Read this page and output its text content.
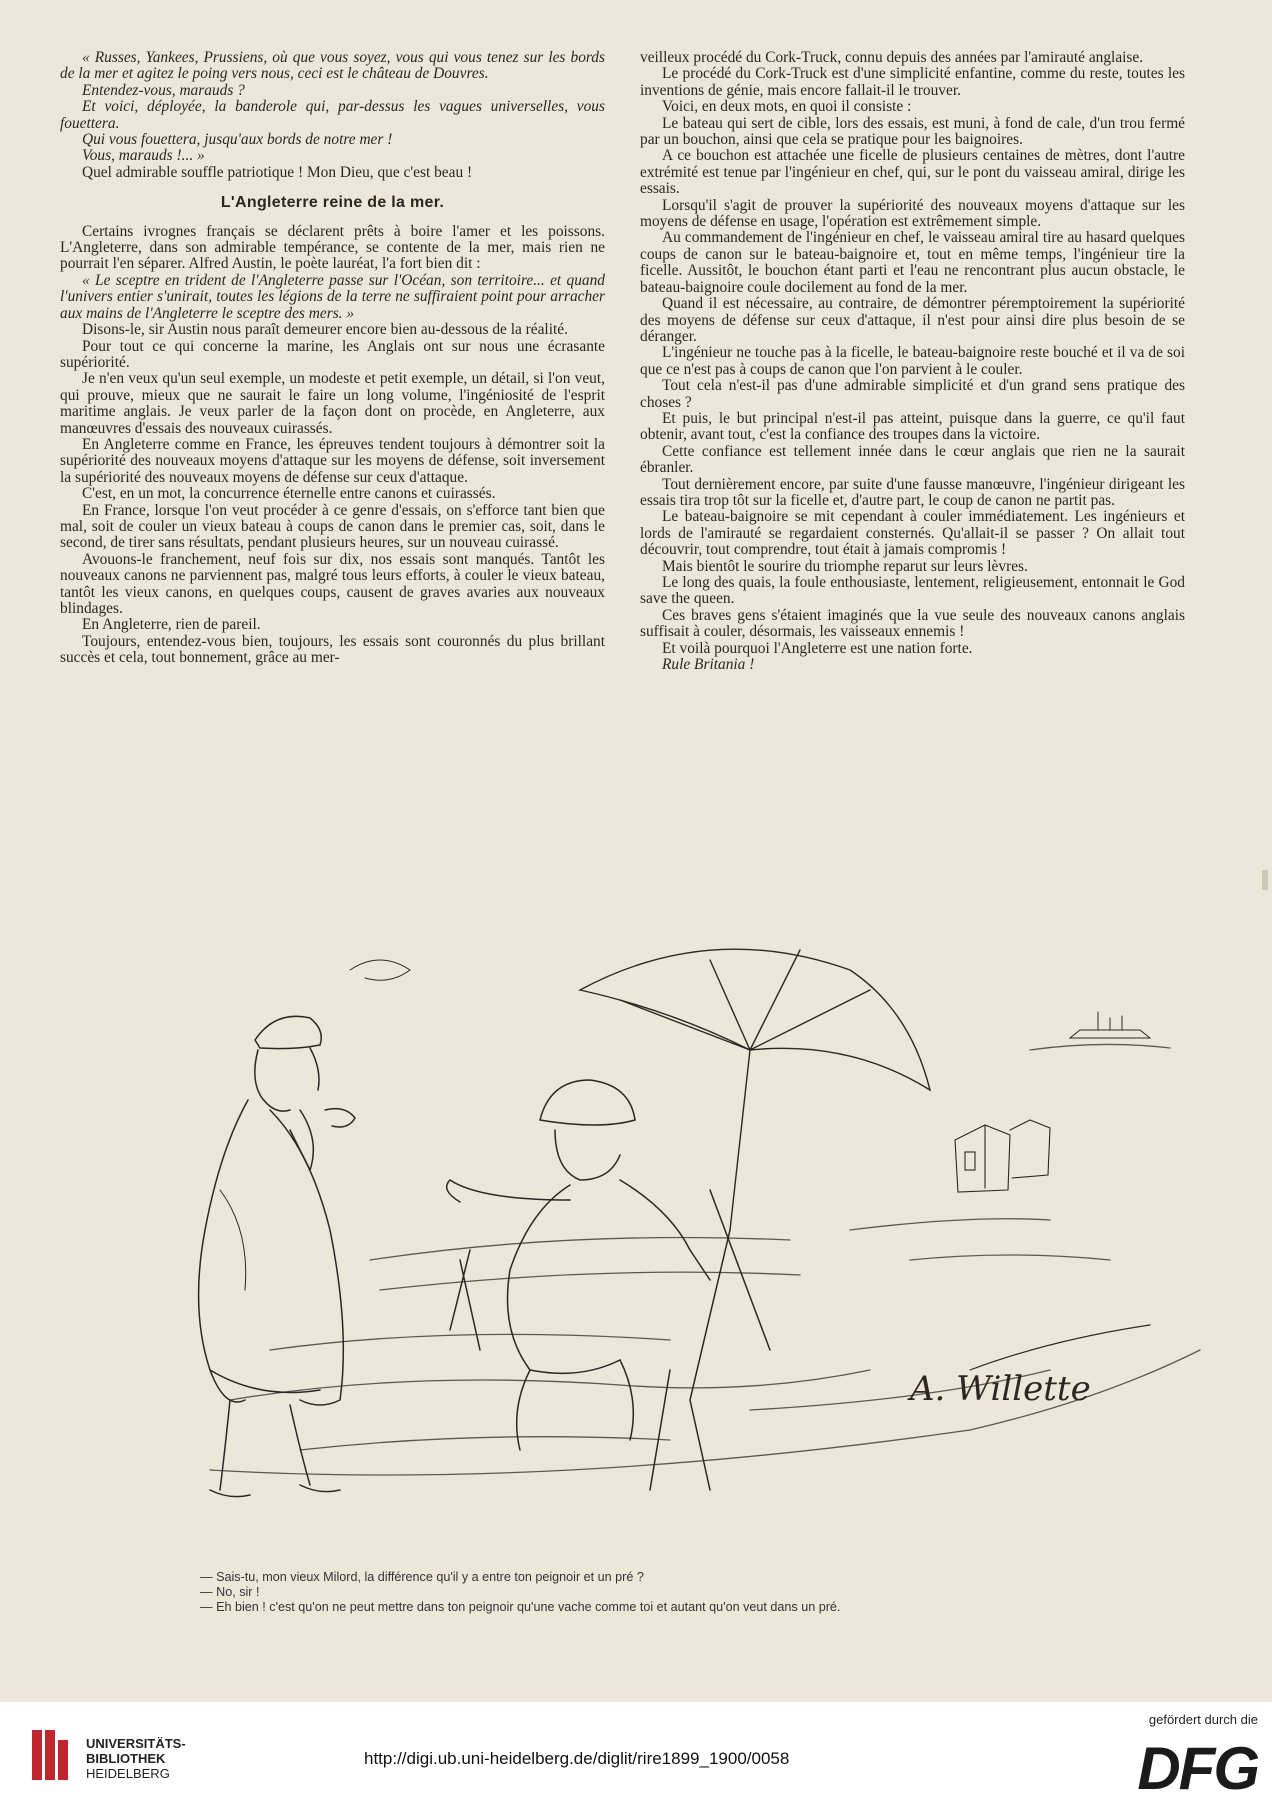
« Russes, Yankees, Prussiens, où que vous soyez, vous qui vous tenez sur les bords de la mer et agitez le poing vers nous, ceci est le château de Douvres.

Entendez-vous, marauds ?

Et voici, déployée, la banderole qui, par-dessus les vagues universelles, vous fouettera.

Qui vous fouettera, jusqu'aux bords de notre mer !

Vous, marauds !... »

Quel admirable souffle patriotique ! Mon Dieu, que c'est beau !

L'Angleterre reine de la mer.

Certains ivrognes français se déclarent prêts à boire l'amer et les poissons. L'Angleterre, dans son admirable tempérance, se contente de la mer, mais rien ne pourrait l'en séparer. Alfred Austin, le poète lauréat, l'a fort bien dit :

« Le sceptre en trident de l'Angleterre passe sur l'Océan, son territoire... et quand l'univers entier s'unirait, toutes les légions de la terre ne suffiraient point pour arracher aux mains de l'Angleterre le sceptre des mers. »

Disons-le, sir Austin nous paraît demeurer encore bien au-dessous de la réalité.

Pour tout ce qui concerne la marine, les Anglais ont sur nous une écrasante supériorité.

Je n'en veux qu'un seul exemple, un modeste et petit exemple, un détail, si l'on veut, qui prouve, mieux que ne saurait le faire un long volume, l'ingéniosité de l'esprit maritime anglais. Je veux parler de la façon dont on procède, en Angleterre, aux manœuvres d'essais des nouveaux cuirassés.

En Angleterre comme en France, les épreuves tendent toujours à démontrer soit la supériorité des nouveaux moyens d'attaque sur les moyens de défense, soit inversement la supériorité des nouveaux moyens de défense sur ceux d'attaque.

C'est, en un mot, la concurrence éternelle entre canons et cuirassés.

En France, lorsque l'on veut procéder à ce genre d'essais, on s'efforce tant bien que mal, soit de couler un vieux bateau à coups de canon dans le premier cas, soit, dans le second, de tirer sans résultats, pendant plusieurs heures, sur un nouveau cuirassé.

Avouons-le franchement, neuf fois sur dix, nos essais sont manqués. Tantôt les nouveaux canons ne parviennent pas, malgré tous leurs efforts, à couler le vieux bateau, tantôt les vieux canons, en quelques coups, causent de graves avaries aux nouveaux blindages.

En Angleterre, rien de pareil.

Toujours, entendez-vous bien, toujours, les essais sont couronnés du plus brillant succès et cela, tout bonnement, grâce au mer-

veilleux procédé du Cork-Truck, connu depuis des années par l'amirauté anglaise.

Le procédé du Cork-Truck est d'une simplicité enfantine, comme du reste, toutes les inventions de génie, mais encore fallait-il le trouver.

Voici, en deux mots, en quoi il consiste :

Le bateau qui sert de cible, lors des essais, est muni, à fond de cale, d'un trou fermé par un bouchon, ainsi que cela se pratique pour les baignoires.

A ce bouchon est attachée une ficelle de plusieurs centaines de mètres, dont l'autre extrémité est tenue par l'ingénieur en chef, qui, sur le pont du vaisseau amiral, dirige les essais.

Lorsqu'il s'agit de prouver la supériorité des nouveaux moyens d'attaque sur les moyens de défense en usage, l'opération est extrêmement simple.

Au commandement de l'ingénieur en chef, le vaisseau amiral tire au hasard quelques coups de canon sur le bateau-baignoire et, tout en même temps, l'ingénieur tire la ficelle. Aussitôt, le bouchon étant parti et l'eau ne rencontrant plus aucun obstacle, le bateau-baignoire coule docilement au fond de la mer.

Quand il est nécessaire, au contraire, de démontrer péremptoirement la supériorité des moyens de défense sur ceux d'attaque, il n'est pour ainsi dire plus besoin de se déranger.

L'ingénieur ne touche pas à la ficelle, le bateau-baignoire reste bouché et il va de soi que ce n'est pas à coups de canon que l'on parvient à le couler.

Tout cela n'est-il pas d'une admirable simplicité et d'un grand sens pratique des choses ?

Et puis, le but principal n'est-il pas atteint, puisque dans la guerre, ce qu'il faut obtenir, avant tout, c'est la confiance des troupes dans la victoire.

Cette confiance est tellement innée dans le cœur anglais que rien ne la saurait ébranler.

Tout dernièrement encore, par suite d'une fausse manœuvre, l'ingénieur dirigeant les essais tira trop tôt sur la ficelle et, d'autre part, le coup de canon ne partit pas.

Le bateau-baignoire se mit cependant à couler immédiatement. Les ingénieurs et lords de l'amirauté se regardaient consternés. Qu'allait-il se passer ? On allait tout découvrir, tout comprendre, tout était à jamais compromis !

Mais bientôt le sourire du triomphe reparut sur leurs lèvres.

Le long des quais, la foule enthousiaste, lentement, religieusement, entonnait le God save the queen.

Ces braves gens s'étaient imaginés que la vue seule des nouveaux canons anglais suffisait à couler, désormais, les vaisseaux ennemis !

Et voilà pourquoi l'Angleterre est une nation forte.

Rule Britania !

A. Willette
— Sais-tu, mon vieux Milord, la différence qu'il y a entre ton peignoir et un pré ?
— No, sir !
— Eh bien ! c'est qu'on ne peut mettre dans ton peignoir qu'une vache comme toi et autant qu'on veut dans un pré.
UNIVERSITÄTS-
BIBLIOTHEK
HEIDELBERG
http://digi.ub.uni-heidelberg.de/diglit/rire1899_1900/0058
gefördert durch die
DFG
